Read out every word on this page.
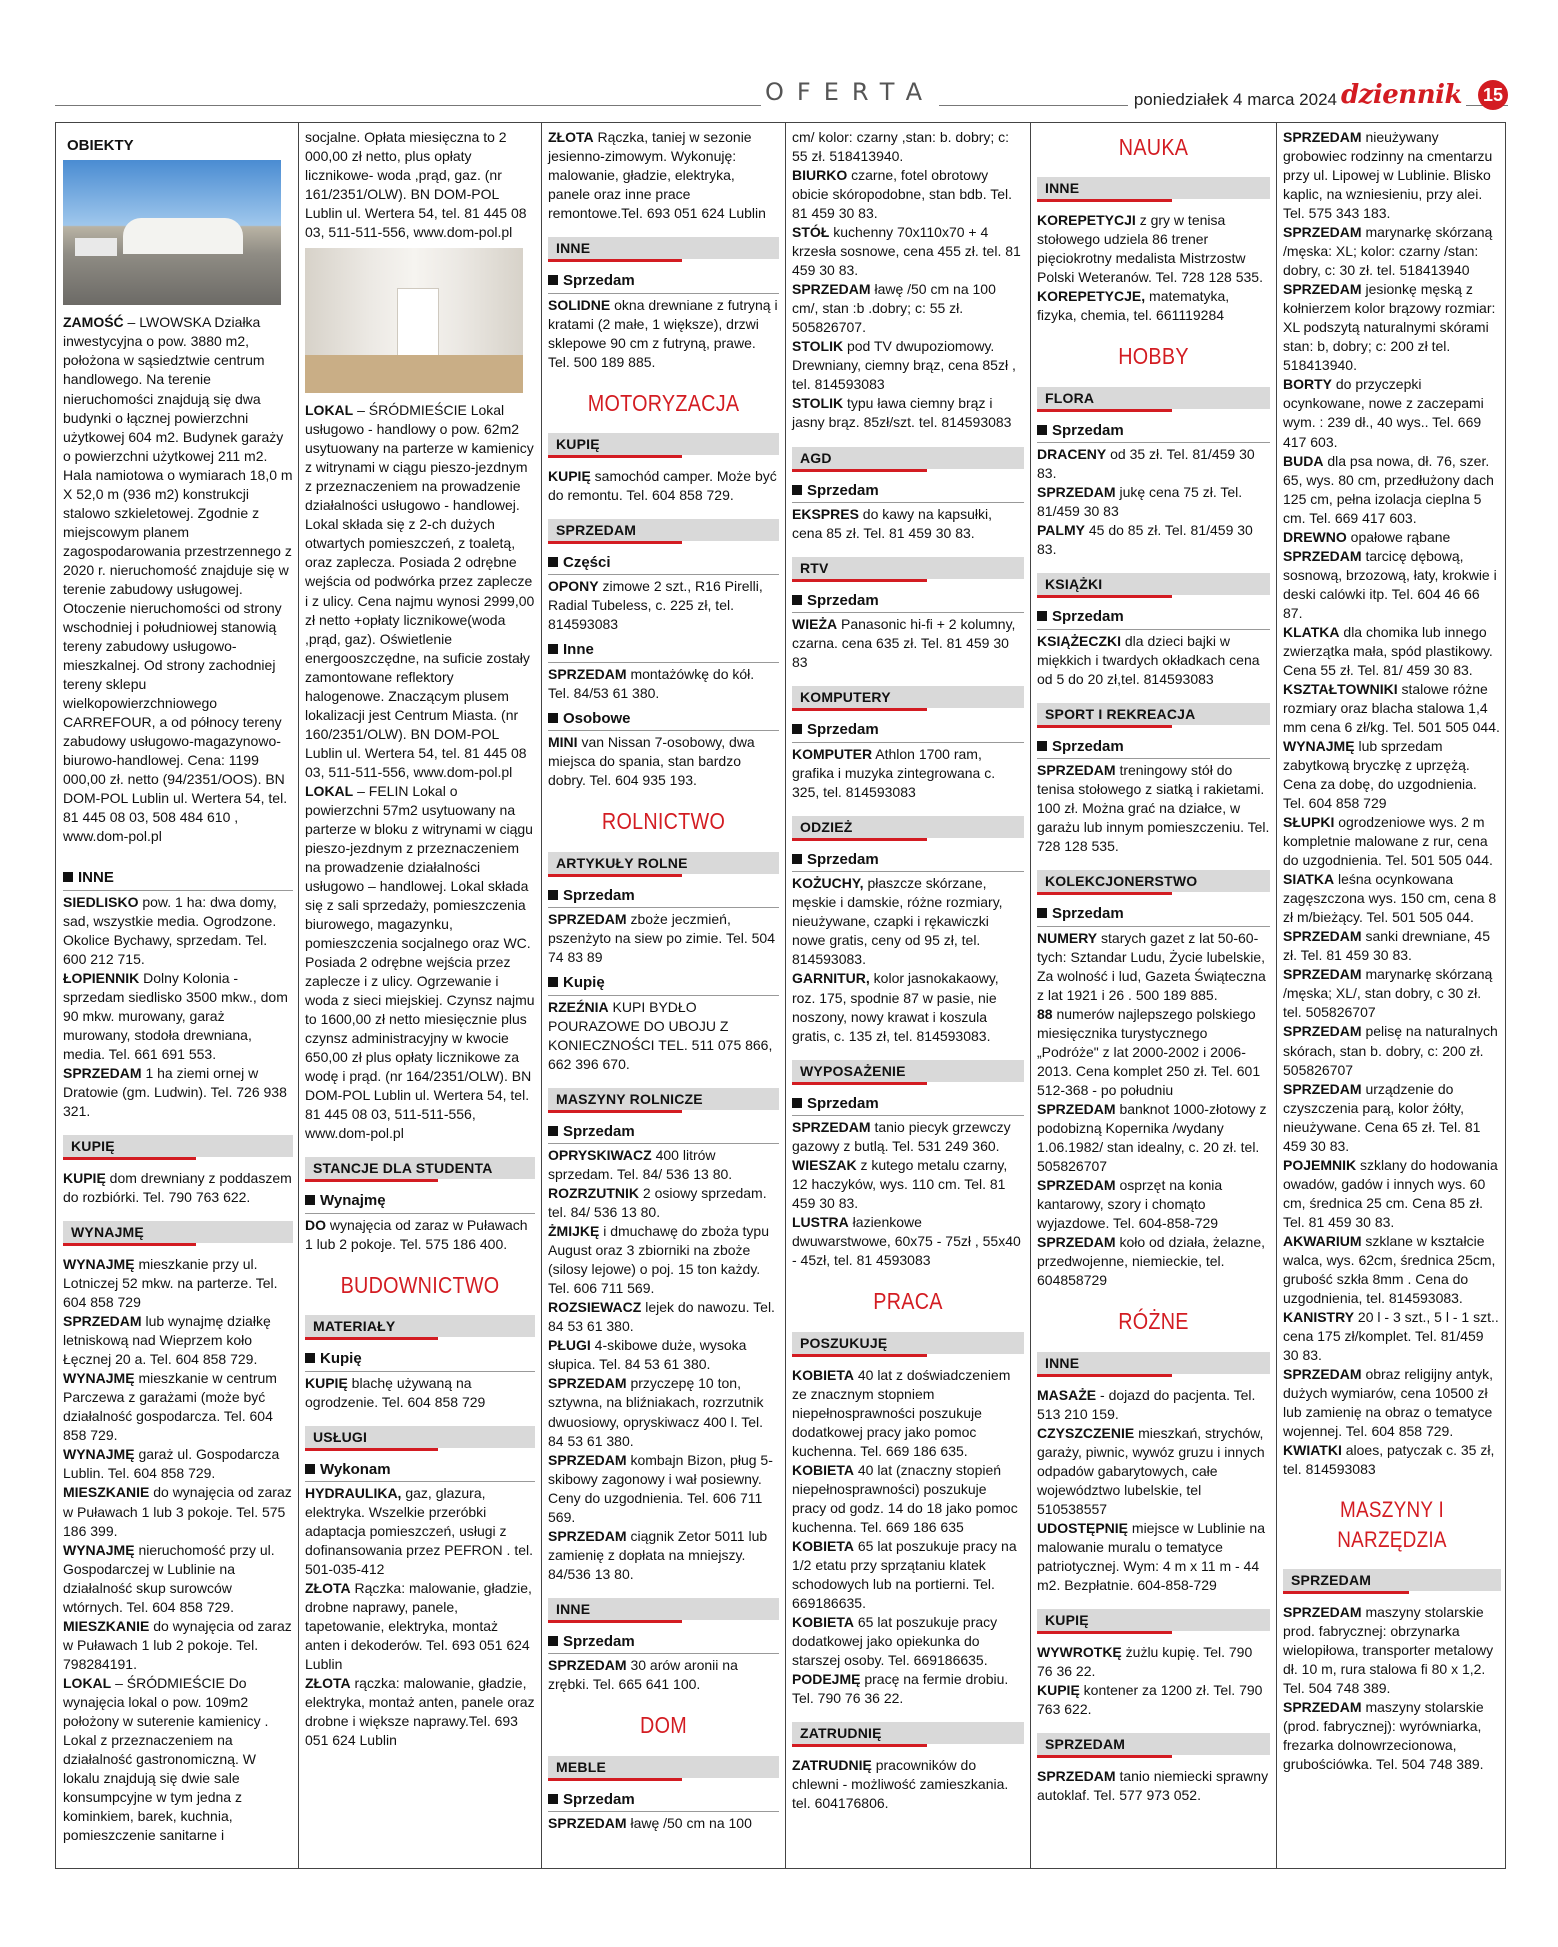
OFERTA	poniedziałek 4 marca 2024 dziennik 15
OBIEKTY
ZAMOŚĆ – LWOWSKA Działka inwestycyjna o pow. 3880 m2, położona w sąsiedztwie centrum handlowego. Na terenie nieruchomości znajdują się dwa budynki o łącznej powierzchni użytkowej 604 m2. Budynek garaży o powierzchni użytkowej 211 m2. Hala namiotowa o wymiarach 18,0 m X 52,0 m (936 m2) konstrukcji stalowo szkieletowej. Zgodnie z miejscowym planem zagospodarowania przestrzennego z 2020 r. nieruchomość znajduje się w terenie zabudowy usługowej. Otoczenie nieruchomości od strony wschodniej i południowej stanowią tereny zabudowy usługowo-mieszkalnej. Od strony zachodniej tereny sklepu wielkopowierzchniowego CARREFOUR, a od północy tereny zabudowy usługowo-magazynowo-biurowo-handlowej. Cena: 1199 000,00 zł. netto (94/2351/OOS). BN DOM-POL Lublin ul. Wertera 54, tel. 81 445 08 03, 508 484 610 , www.dom-pol.pl
INNE
SIEDLISKO pow. 1 ha: dwa domy, sad, wszystkie media. Ogrodzone. Okolice Bychawy, sprzedam. Tel. 600 212 715.
ŁOPIENNIK Dolny Kolonia - sprzedam siedlisko 3500 mkw., dom 90 mkw. murowany, garaż murowany, stodoła drewniana, media. Tel. 661 691 553.
SPRZEDAM 1 ha ziemi ornej w Dratowie (gm. Ludwin). Tel. 726 938 321.
KUPIĘ
KUPIĘ dom drewniany z poddaszem do rozbiórki. Tel. 790 763 622.
WYNAJMĘ
WYNAJMĘ mieszkanie przy ul. Lotniczej 52 mkw. na parterze. Tel. 604 858 729
SPRZEDAM lub wynajmę działkę letniskową nad Wieprzem koło Łęcznej 20 a. Tel. 604 858 729.
WYNAJMĘ mieszkanie w centrum Parczewa z garażami (może być działalność gospodarcza. Tel. 604 858 729.
WYNAJMĘ garaż ul. Gospodarcza Lublin. Tel. 604 858 729.
MIESZKANIE do wynajęcia od zaraz w Puławach 1 lub 3 pokoje. Tel. 575 186 399.
WYNAJMĘ nieruchomość przy ul. Gospodarczej w Lublinie na działalność skup surowców wtórnych. Tel. 604 858 729.
MIESZKANIE do wynajęcia od zaraz w Puławach 1 lub 2 pokoje. Tel. 798284191.
LOKAL – ŚRÓDMIEŚCIE Do wynajęcia lokal o pow. 109m2 położony w suterenie kamienicy . Lokal z przeznaczeniem na działalność gastronomiczną. W lokalu znajdują się dwie sale konsumpcyjne w tym jedna z kominkiem, barek, kuchnia, pomieszczenie sanitarne i
socjalne. Opłata miesięczna to 2 000,00 zł netto, plus opłaty licznikowe- woda ,prąd, gaz. (nr 161/2351/OLW). BN DOM-POL Lublin ul. Wertera 54, tel. 81 445 08 03, 511-511-556, www.dom-pol.pl
LOKAL – ŚRÓDMIEŚCIE Lokal usługowo - handlowy o pow. 62m2 usytuowany na parterze w kamienicy z witrynami w ciągu pieszo-jezdnym z przeznaczeniem na prowadzenie działalności usługowo - handlowej. Lokal składa się z 2-ch dużych otwartych pomieszczeń, z toaletą, oraz zaplecza. Posiada 2 odrębne wejścia od podwórka przez zaplecze i z ulicy. Cena najmu wynosi 2999,00 zł netto +opłaty licznikowe(woda ,prąd, gaz). Oświetlenie energooszczędne, na suficie zostały zamontowane reflektory halogenowe. Znaczącym plusem lokalizacji jest Centrum Miasta. (nr 160/2351/OLW). BN DOM-POL Lublin ul. Wertera 54, tel. 81 445 08 03, 511-511-556, www.dom-pol.pl
LOKAL – FELIN Lokal o powierzchni 57m2 usytuowany na parterze w bloku z witrynami w ciągu pieszo-jezdnym z przeznaczeniem na prowadzenie działalności usługowo – handlowej. Lokal składa się z sali sprzedaży, pomieszczenia biurowego, magazynku, pomieszczenia socjalnego oraz WC. Posiada 2 odrębne wejścia przez zaplecze i z ulicy. Ogrzewanie i woda z sieci miejskiej. Czynsz najmu to 1600,00 zł netto miesięcznie plus czynsz administracyjny w kwocie 650,00 zł plus opłaty licznikowe za wodę i prąd. (nr 164/2351/OLW). BN DOM-POL Lublin ul. Wertera 54, tel. 81 445 08 03, 511-511-556, www.dom-pol.pl
STANCJE DLA STUDENTA
Wynajmę
DO wynajęcia od zaraz w Puławach 1 lub 2 pokoje. Tel. 575 186 400.
BUDOWNICTWO
MATERIAŁY
Kupię
KUPIĘ blachę używaną na ogrodzenie. Tel. 604 858 729
USŁUGI
Wykonam
HYDRAULIKA, gaz, glazura, elektryka. Wszelkie przeróbki adaptacja pomieszczeń, usługi z dofinansowania przez PEFRON . tel. 501-035-412
ZŁOTA Rączka: malowanie, gładzie, drobne naprawy, panele, tapetowanie, elektryka, montaż anten i dekoderów. Tel. 693 051 624 Lublin
ZŁOTA rączka: malowanie, gładzie, elektryka, montaż anten, panele oraz drobne i większe naprawy.Tel. 693 051 624 Lublin
ZŁOTA Rączka, taniej w sezonie jesienno-zimowym. Wykonuję: malowanie, gładzie, elektryka, panele oraz inne prace remontowe.Tel. 693 051 624 Lublin
INNE
Sprzedam
SOLIDNE okna drewniane z futryną i kratami (2 małe, 1 większe), drzwi sklepowe 90 cm z futryną, prawe. Tel. 500 189 885.
MOTORYZACJA
KUPIĘ
KUPIĘ samochód camper. Może być do remontu. Tel. 604 858 729.
SPRZEDAM
Części
OPONY zimowe 2 szt., R16 Pirelli, Radial Tubeless, c. 225 zł, tel. 814593083
Inne
SPRZEDAM montażówkę do kół. Tel. 84/53 61 380.
Osobowe
MINI van Nissan 7-osobowy, dwa miejsca do spania, stan bardzo dobry. Tel. 604 935 193.
ROLNICTWO
ARTYKUŁY ROLNE
Sprzedam
SPRZEDAM zboże jeczmień, pszenżyto na siew po zimie. Tel. 504 74 83 89
Kupię
RZEŹNIA KUPI BYDŁO POURAZOWE DO UBOJU Z KONIECZNOŚCI TEL. 511 075 866, 662 396 670.
MASZYNY ROLNICZE
Sprzedam
OPRYSKIWACZ 400 litrów sprzedam. Tel. 84/ 536 13 80.
ROZRZUTNIK 2 osiowy sprzedam. tel. 84/ 536 13 80.
ŻMIJKĘ i dmuchawę do zboża typu August oraz 3 zbiorniki na zboże (silosy lejowe) o poj. 15 ton każdy. Tel. 606 711 569.
ROZSIEWACZ lejek do nawozu. Tel. 84 53 61 380.
PŁUGI 4-skibowe duże, wysoka słupica. Tel. 84 53 61 380.
SPRZEDAM przyczepę 10 ton, sztywna, na bliźniakach, rozrzutnik dwuosiowy, opryskiwacz 400 l. Tel. 84 53 61 380.
SPRZEDAM kombajn Bizon, pług 5-skibowy zagonowy i wał posiewny. Ceny do uzgodnienia. Tel. 606 711 569.
SPRZEDAM ciągnik Zetor 5011 lub zamienię z dopłata na mniejszy. 84/536 13 80.
INNE
Sprzedam
SPRZEDAM 30 arów aronii na zrębki. Tel. 665 641 100.
DOM
MEBLE
Sprzedam
SPRZEDAM ławę /50 cm na 100
cm/ kolor: czarny ,stan: b. dobry; c: 55 zł. 518413940.
BIURKO czarne, fotel obrotowy obicie skóropodobne, stan bdb. Tel. 81 459 30 83.
STÓŁ kuchenny 70x110x70 + 4 krzesła sosnowe, cena 455 zł. tel. 81 459 30 83.
SPRZEDAM ławę /50 cm na 100 cm/, stan :b .dobry; c: 55 zł. 505826707.
STOLIK pod TV dwupoziomowy. Drewniany, ciemny brąz, cena 85zł , tel. 814593083
STOLIK typu ława ciemny brąz i jasny brąz. 85zł/szt. tel. 814593083
AGD
Sprzedam
EKSPRES do kawy na kapsułki, cena 85 zł. Tel. 81 459 30 83.
RTV
Sprzedam
WIEŻA Panasonic hi-fi + 2 kolumny, czarna. cena 635 zł. Tel. 81 459 30 83
KOMPUTERY
Sprzedam
KOMPUTER Athlon 1700 ram, grafika i muzyka zintegrowana c. 325, tel. 814593083
ODZIEŻ
Sprzedam
KOŻUCHY, płaszcze skórzane, męskie i damskie, różne rozmiary, nieużywane, czapki i rękawiczki nowe gratis, ceny od 95 zł, tel. 814593083.
GARNITUR, kolor jasnokakaowy, roz. 175, spodnie 87 w pasie, nie noszony, nowy krawat i koszula gratis, c. 135 zł, tel. 814593083.
WYPOSAŻENIE
Sprzedam
SPRZEDAM tanio piecyk grzewczy gazowy z butlą. Tel. 531 249 360.
WIESZAK z kutego metalu czarny, 12 haczyków, wys. 110 cm. Tel. 81 459 30 83.
LUSTRA łazienkowe dwuwarstwowe, 60x75 - 75zł , 55x40 - 45zł, tel. 81 4593083
PRACA
POSZUKUJĘ
KOBIETA 40 lat z doświadczeniem ze znacznym stopniem niepełnosprawności poszukuje dodatkowej pracy jako pomoc kuchenna. Tel. 669 186 635.
KOBIETA 40 lat (znaczny stopień niepełnosprawności) poszukuje pracy od godz. 14 do 18 jako pomoc kuchenna. Tel. 669 186 635
KOBIETA 65 lat poszukuje pracy na 1/2 etatu przy sprzątaniu klatek schodowych lub na portierni. Tel. 669186635.
KOBIETA 65 lat poszukuje pracy dodatkowej jako opiekunka do starszej osoby. Tel. 669186635.
PODEJMĘ pracę na fermie drobiu. Tel. 790 76 36 22.
ZATRUDNIĘ
ZATRUDNIĘ pracowników do chlewni - możliwość zamieszkania. tel. 604176806.
NAUKA
INNE
KOREPETYCJI z gry w tenisa stołowego udziela 86 trener pięciokrotny medalista Mistrzostw Polski Weteranów. Tel. 728 128 535.
KOREPETYCJE, matematyka, fizyka, chemia, tel. 661119284
HOBBY
FLORA
Sprzedam
DRACENY od 35 zł. Tel. 81/459 30 83.
SPRZEDAM jukę cena 75 zł. Tel. 81/459 30 83
PALMY 45 do 85 zł. Tel. 81/459 30 83.
KSIĄŻKI
Sprzedam
KSIĄŻECZKI dla dzieci bajki w miękkich i twardych okładkach cena od 5 do 20 zł,tel. 814593083
SPORT I REKREACJA
Sprzedam
SPRZEDAM treningowy stół do tenisa stołowego z siatką i rakietami. 100 zł. Można grać na działce, w garażu lub innym pomieszczeniu. Tel. 728 128 535.
KOLEKCJONERSTWO
Sprzedam
NUMERY starych gazet z lat 50-60-tych: Sztandar Ludu, Życie lubelskie, Za wolność i lud, Gazeta Świąteczna z lat 1921 i 26 . 500 189 885.
88 numerów najlepszego polskiego miesięcznika turystycznego „Podróże" z lat 2000-2002 i 2006-2013. Cena komplet 250 zł. Tel. 601 512-368 - po południu
SPRZEDAM banknot 1000-złotowy z podobizną Kopernika /wydany 1.06.1982/ stan idealny, c. 20 zł. tel. 505826707
SPRZEDAM osprzęt na konia kantarowy, szory i chomąto wyjazdowe. Tel. 604-858-729
SPRZEDAM koło od działa, żelazne, przedwojenne, niemieckie, tel. 604858729
RÓŻNE
INNE
MASAŻE - dojazd do pacjenta. Tel. 513 210 159.
CZYSZCZENIE mieszkań, strychów, garaży, piwnic, wywóz gruzu i innych odpadów gabarytowych, całe województwo lubelskie, tel 510538557
UDOSTĘPNIĘ miejsce w Lublinie na malowanie muralu o tematyce patriotycznej. Wym: 4 m x 11 m - 44 m2. Bezpłatnie. 604-858-729
KUPIĘ
WYWROTKĘ żużlu kupię. Tel. 790 76 36 22.
KUPIĘ kontener za 1200 zł. Tel. 790 763 622.
SPRZEDAM
SPRZEDAM tanio niemiecki sprawny autoklaf. Tel. 577 973 052.
SPRZEDAM nieużywany grobowiec rodzinny na cmentarzu przy ul. Lipowej w Lublinie. Blisko kaplic, na wzniesieniu, przy alei. Tel. 575 343 183.
SPRZEDAM marynarkę skórzaną /męska: XL; kolor: czarny /stan: dobry, c: 30 zł. tel. 518413940
SPRZEDAM jesionkę męską z kołnierzem kolor brązowy rozmiar: XL podszytą naturalnymi skórami stan: b, dobry; c: 200 zł tel. 518413940.
BORTY do przyczepki ocynkowane, nowe z zaczepami wym. : 239 dł., 40 wys.. Tel. 669 417 603.
BUDA dla psa nowa, dł. 76, szer. 65, wys. 80 cm, przedłużony dach 125 cm, pełna izolacja cieplna 5 cm. Tel. 669 417 603.
DREWNO opałowe rąbane
SPRZEDAM tarcicę dębową, sosnową, brzozową, łaty, krokwie i deski calówki itp. Tel. 604 46 66 87.
KLATKA dla chomika lub innego zwierzątka mała, spód plastikowy. Cena 55 zł. Tel. 81/ 459 30 83.
KSZTAŁTOWNIKI stalowe różne rozmiary oraz blacha stalowa 1,4 mm cena 6 zł/kg. Tel. 501 505 044.
WYNAJMĘ lub sprzedam zabytkową bryczkę z uprzężą. Cena za dobę, do uzgodnienia. Tel. 604 858 729
SŁUPKI ogrodzeniowe wys. 2 m kompletnie malowane z rur, cena do uzgodnienia. Tel. 501 505 044.
SIATKA leśna ocynkowana zagęszczona wys. 150 cm, cena 8 zł m/bieżący. Tel. 501 505 044.
SPRZEDAM sanki drewniane, 45 zł. Tel. 81 459 30 83.
SPRZEDAM marynarkę skórzaną /męska; XL/, stan dobry, c 30 zł. tel. 505826707
SPRZEDAM pelisę na naturalnych skórach, stan b. dobry, c: 200 zł. 505826707
SPRZEDAM urządzenie do czyszczenia parą, kolor żółty, nieużywane. Cena 65 zł. Tel. 81 459 30 83.
POJEMNIK szklany do hodowania owadów, gadów i innych wys. 60 cm, średnica 25 cm. Cena 85 zł. Tel. 81 459 30 83.
AKWARIUM szklane w kształcie walca, wys. 62cm, średnica 25cm, grubość szkła 8mm . Cena do uzgodnienia, tel. 814593083.
KANISTRY 20 l - 3 szt., 5 l - 1 szt.. cena 175 zł/komplet. Tel. 81/459 30 83.
SPRZEDAM obraz religijny antyk, dużych wymiarów, cena 10500 zł lub zamienię na obraz o tematyce wojennej. Tel. 604 858 729.
KWIATKI aloes, patyczak c. 35 zł, tel. 814593083
MASZYNY I NARZĘDZIA
SPRZEDAM
SPRZEDAM maszyny stolarskie prod. fabrycznej: obrzynarka wielopiłowa, transporter metalowy dł. 10 m, rura stalowa fi 80 x 1,2. Tel. 504 748 389.
SPRZEDAM maszyny stolarskie (prod. fabrycznej): wyrówniarka, frezarka dolnowrzecionowa, grubościówka. Tel. 504 748 389.
